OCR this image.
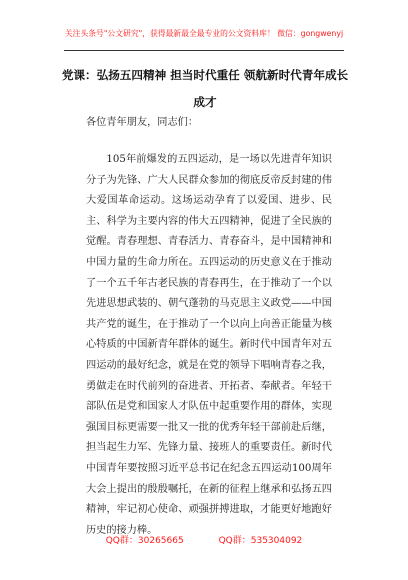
关注头条号"公文研究"，获得最新最全最专业的公文资料库！ 微信：gongwenyj
党课：弘扬五四精神 担当时代重任 领航新时代青年成长成才
各位青年朋友，同志们：

105年前爆发的五四运动，是一场以先进青年知识分子为先锋、广大人民群众参加的彻底反帝反封建的伟大爱国革命运动。这场运动孕育了以爱国、进步、民主、科学为主要内容的伟大五四精神，促进了全民族的觉醒。青春理想、青春活力、青春奋斗，是中国精神和中国力量的生命力所在。五四运动的历史意义在于推动了一个五千年古老民族的青春再生，在于推动了一个以先进思想武装的、朝气蓬勃的马克思主义政党——中国共产党的诞生，在于推动了一个以向上向善正能量为核心特质的中国新青年群体的诞生。新时代中国青年对五四运动的最好纪念，就是在党的领导下唱响青春之我，勇做走在时代前列的奋进者、开拓者、奉献者。年轻干部队伍是党和国家人才队伍中起重要作用的群体，实现强国目标更需要一批又一批的优秀年轻干部前赴后继，担当起生力军、先锋力量、接班人的重要责任。新时代中国青年要按照习近平总书记在纪念五四运动100周年大会上提出的殷殷嘱托，在新的征程上继承和弘扬五四精神，牢记初心使命、顽强拼搏进取，才能更好地跑好历史的接力棒。

QQ群：30265665	QQ群：535304092
